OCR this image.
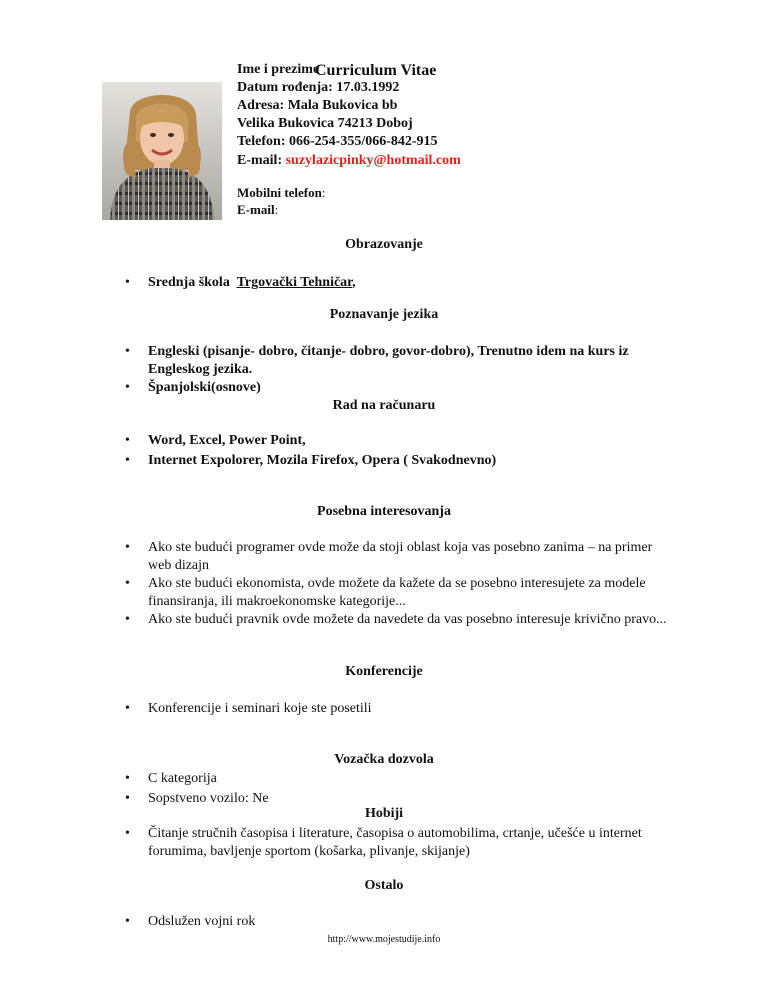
Ime i prezime
Curriculum Vitae
Datum rođenja: 17.03.1992
Adresa: Mala Bukovica bb
Velika Bukovica 74213 Doboj
Telefon: 066-254-355/066-842-915
E-mail: suzylazicpinky@hotmail.com
Mobilni telefon:
E-mail:
Obrazovanje
• Srednja škola Trgovački Tehničar,
Poznavanje jezika
• Engleski (pisanje- dobro, čitanje- dobro, govor-dobro), Trenutno idem na kurs iz Engleskog jezika.
• Španjolski(osnove)
Rad na računaru
• Word, Excel, Power Point,
• Internet Expolorer, Mozila Firefox, Opera ( Svakodnevno)
Posebna interesovanja
• Ako ste budući programer ovde može da stoji oblast koja vas posebno zanima – na primer web dizajn
• Ako ste budući ekonomista, ovde možete da kažete da se posebno interesujete za modele finansiranja, ili makroekonomske kategorije...
• Ako ste budući pravnik ovde možete da navedete da vas posebno interesuje krivično pravo...
Konferencije
• Konferencije i seminari koje ste posetili
Vozačka dozvola
• C kategorija
• Sopstveno vozilo: Ne
Hobiji
• Čitanje stručnih časopisa i literature, časopisa o automobilima, crtanje, učešće u internet forumima, bavljenje sportom (košarka, plivanje, skijanje)
Ostalo
• Odslužen vojni rok
http://www.mojestudije.info
